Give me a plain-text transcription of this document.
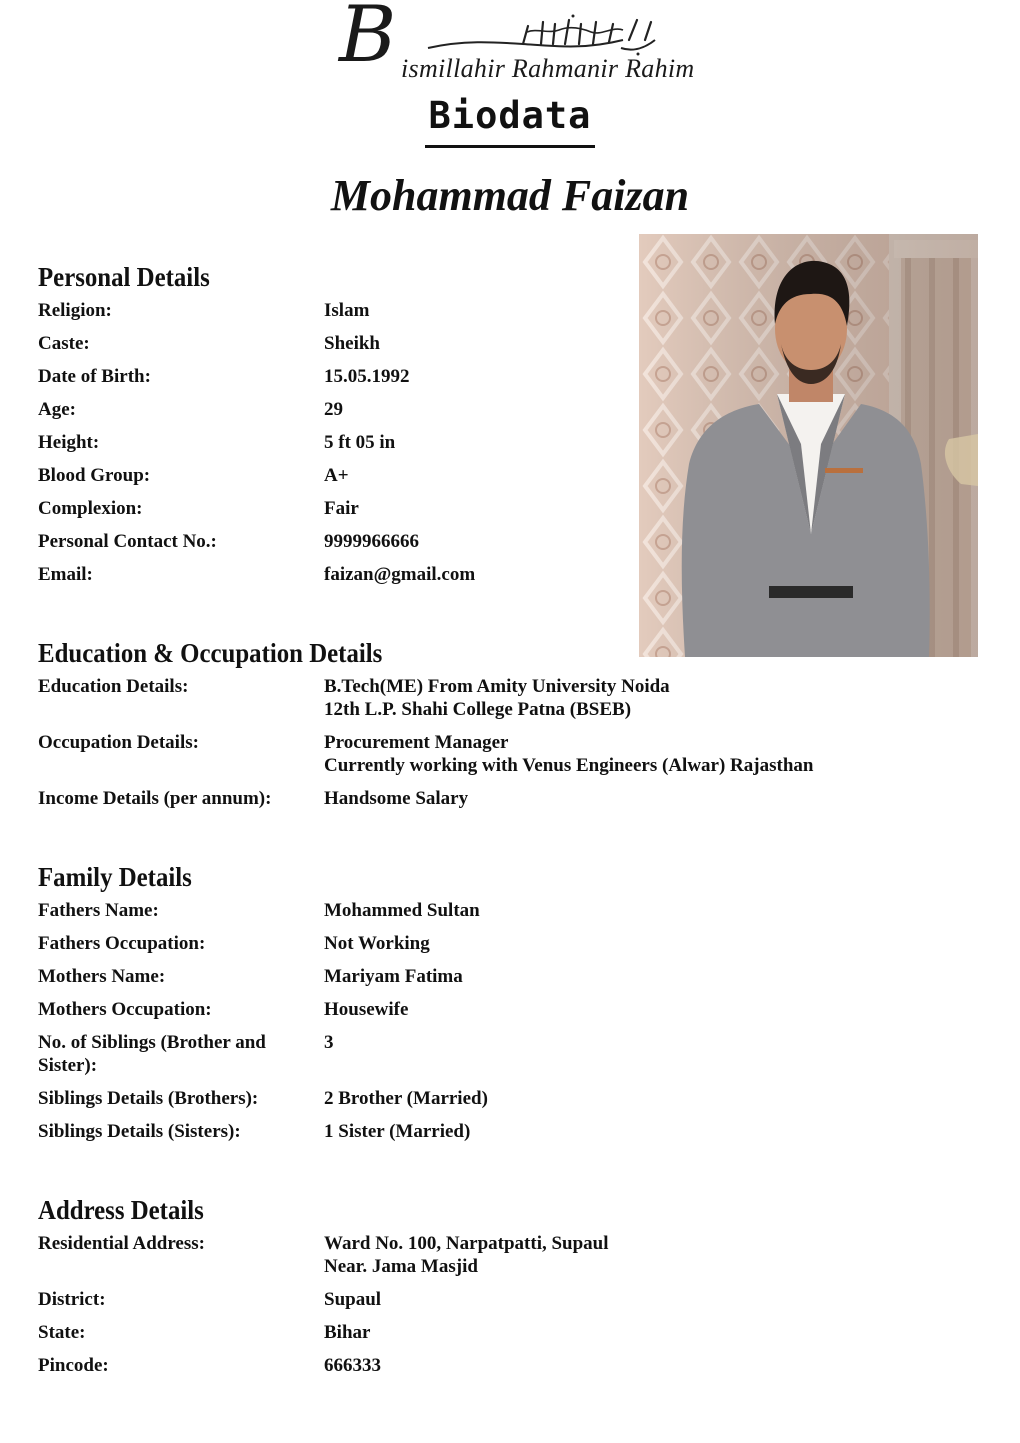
B ismillahir Rahmanir Rahim
Biodata
Mohammad Faizan
Personal Details
Religion:	Islam
Caste:	Sheikh
Date of Birth:	15.05.1992
Age:	29
Height:	5 ft 05 in
Blood Group:	A+
Complexion:	Fair
Personal Contact No.:	9999966666
Email:	faizan@gmail.com
Education & Occupation Details
Education Details:	B.Tech(ME) From Amity University Noida
12th L.P. Shahi College Patna (BSEB)
Occupation Details:	Procurement Manager
Currently working with Venus Engineers (Alwar) Rajasthan
Income Details (per annum):	Handsome Salary
Family Details
Fathers Name:	Mohammed Sultan
Fathers Occupation:	Not Working
Mothers Name:	Mariyam Fatima
Mothers Occupation:	Housewife
No. of Siblings (Brother and Sister):
3
Siblings Details (Brothers):	2 Brother (Married)
Siblings Details (Sisters):	1 Sister (Married)
Address Details
Residential Address:	Ward No. 100, Narpatpatti, Supaul
Near. Jama Masjid
District:	Supaul
State:	Bihar
Pincode:	666333
